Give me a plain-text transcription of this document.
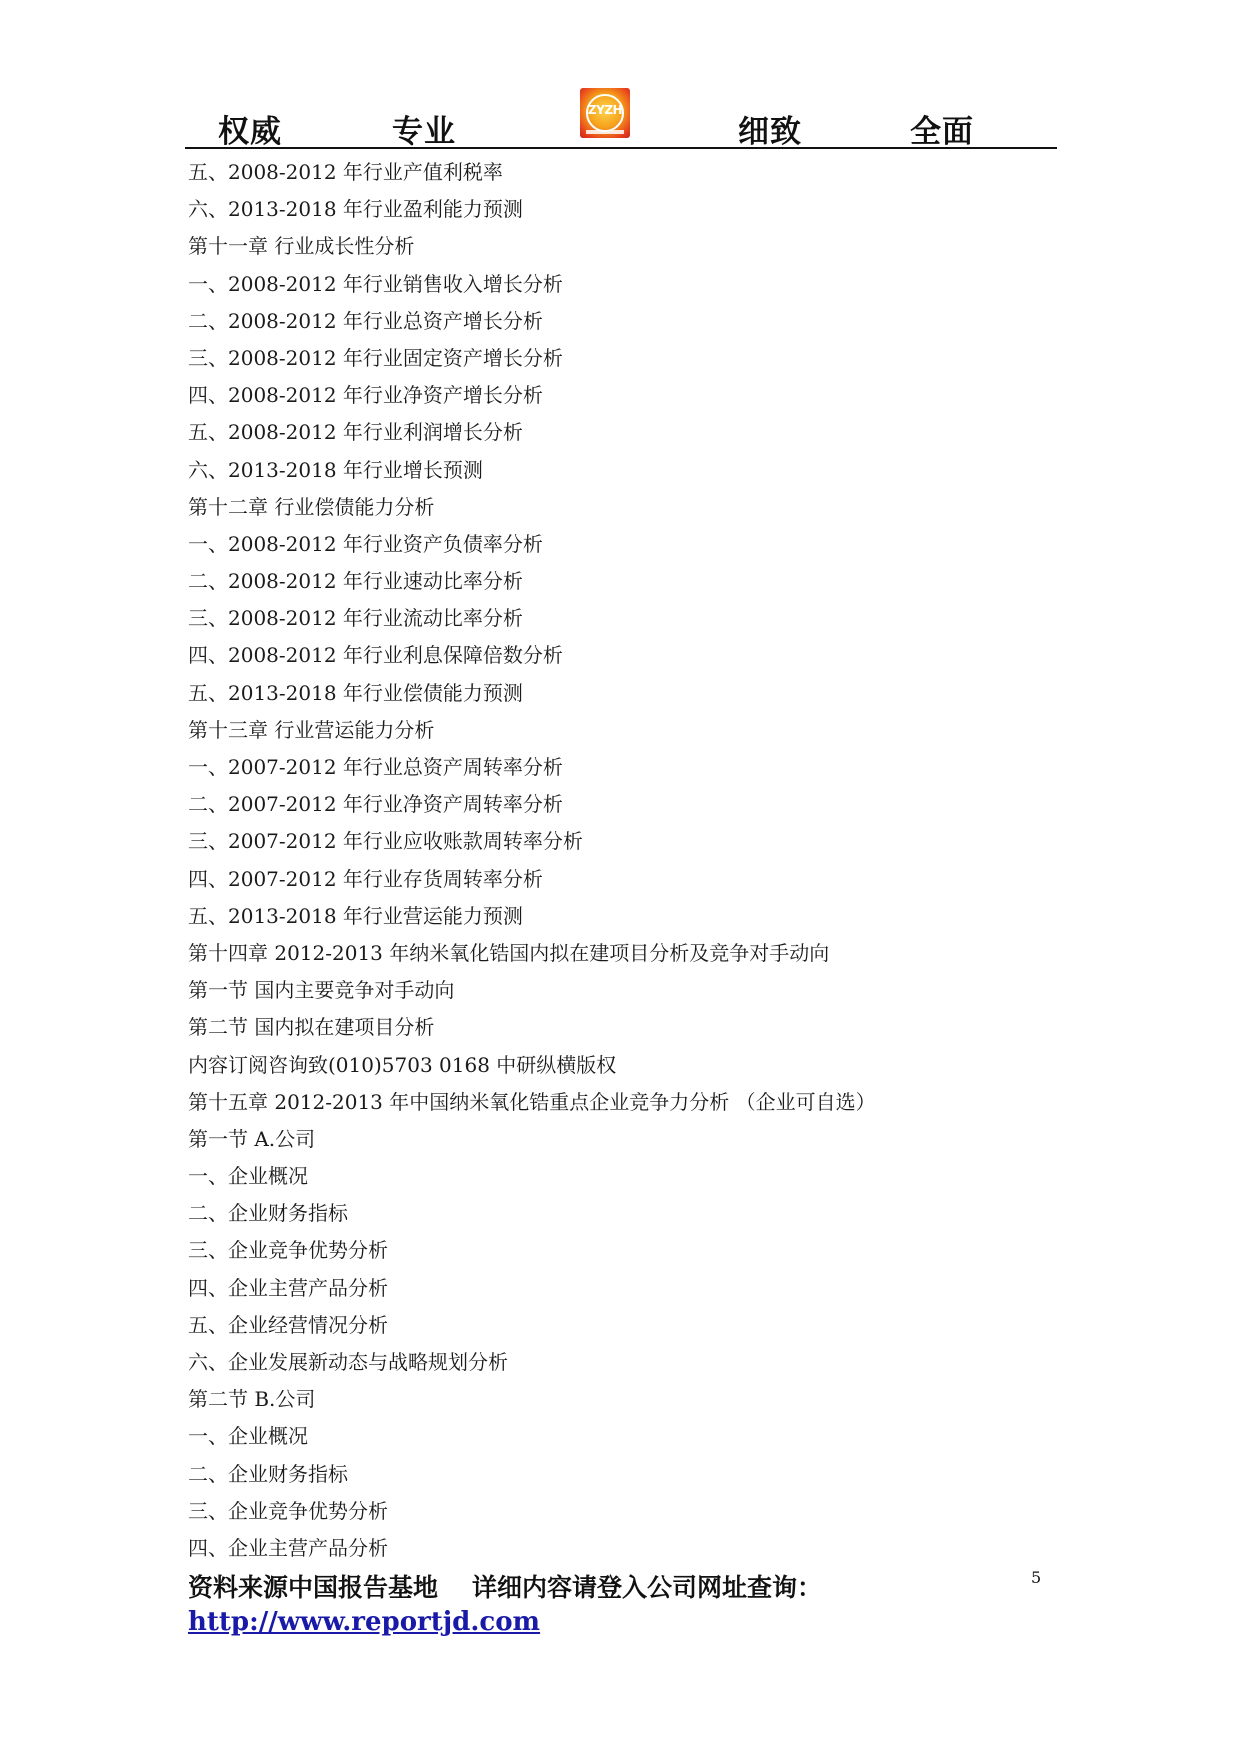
权威	专业
ZYZH
细致	全面
五、2008-2012 年行业产值利税率
六、2013-2018 年行业盈利能力预测
第十一章 行业成长性分析
一、2008-2012 年行业销售收入增长分析
二、2008-2012 年行业总资产增长分析
三、2008-2012 年行业固定资产增长分析
四、2008-2012 年行业净资产增长分析
五、2008-2012 年行业利润增长分析
六、2013-2018 年行业增长预测
第十二章 行业偿债能力分析
一、2008-2012 年行业资产负债率分析
二、2008-2012 年行业速动比率分析
三、2008-2012 年行业流动比率分析
四、2008-2012 年行业利息保障倍数分析
五、2013-2018 年行业偿债能力预测
第十三章 行业营运能力分析
一、2007-2012 年行业总资产周转率分析
二、2007-2012 年行业净资产周转率分析
三、2007-2012 年行业应收账款周转率分析
四、2007-2012 年行业存货周转率分析
五、2013-2018 年行业营运能力预测
第十四章 2012-2013 年纳米氧化锆国内拟在建项目分析及竞争对手动向
第一节 国内主要竞争对手动向
第二节 国内拟在建项目分析
内容订阅咨询致(010)5703 0168 中研纵横版权
第十五章 2012-2013 年中国纳米氧化锆重点企业竞争力分析 （企业可自选）
第一节 A.公司
一、企业概况
二、企业财务指标
三、企业竞争优势分析
四、企业主营产品分析
五、企业经营情况分析
六、企业发展新动态与战略规划分析
第二节 B.公司
一、企业概况
二、企业财务指标
三、企业竞争优势分析
四、企业主营产品分析
资料来源中国报告基地 详细内容请登入公司网址查询：
http://www.reportjd.com
5
